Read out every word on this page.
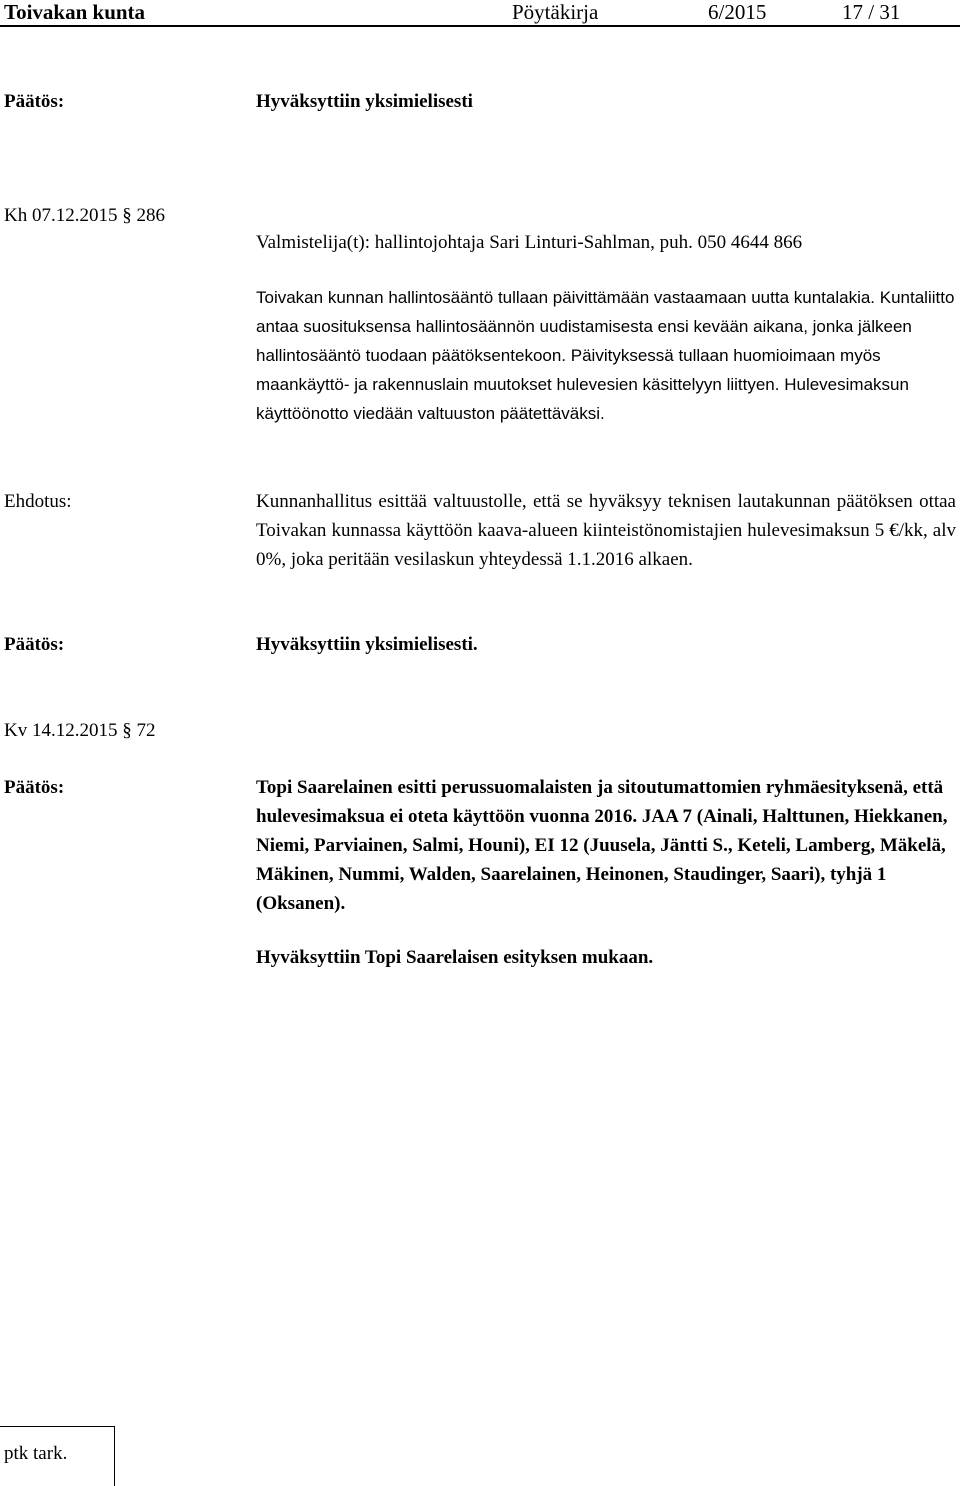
Toivakan kunta	Pöytäkirja	6/2015	17 / 31
Päätös:	Hyväksyttiin yksimielisesti
Kh 07.12.2015 § 286
Valmistelija(t): hallintojohtaja Sari Linturi-Sahlman, puh. 050 4644 866

Toivakan kunnan hallintosääntö tullaan päivittämään vastaamaan uutta kuntalakia. Kuntaliitto antaa suosituksensa hallintosäännön uudistamisesta ensi kevään aikana, jonka jälkeen hallintosääntö tuodaan päätöksentekoon. Päivityksessä tullaan huomioimaan myös maankäyttö- ja rakennuslain muutokset hulevesien käsittelyyn liittyen. Hulevesimaksun käyttöönotto viedään valtuuston päätettäväksi.

Ehdotus:	Kunnanhallitus esittää valtuustolle, että se hyväksyy teknisen lautakunnan päätöksen ottaa Toivakan kunnassa käyttöön kaava-alueen kiinteistönomistajien hulevesimaksun 5 €/kk, alv 0%, joka peritään vesilaskun yhteydessä 1.1.2016 alkaen.

Päätös:	Hyväksyttiin yksimielisesti.
Kv 14.12.2015 § 72
Päätös:	Topi Saarelainen esitti perussuomalaisten ja sitoutumattomien ryhmäesityksenä, että hulevesimaksua ei oteta käyttöön vuonna 2016. JAA 7 (Ainali, Halttunen, Hiekkanen, Niemi, Parviainen, Salmi, Houni), EI 12 (Juusela, Jäntti S., Keteli, Lamberg, Mäkelä, Mäkinen, Nummi, Walden, Saarelainen, Heinonen, Staudinger, Saari), tyhjä 1 (Oksanen).

Hyväksyttiin Topi Saarelaisen esityksen mukaan.
ptk tark.
